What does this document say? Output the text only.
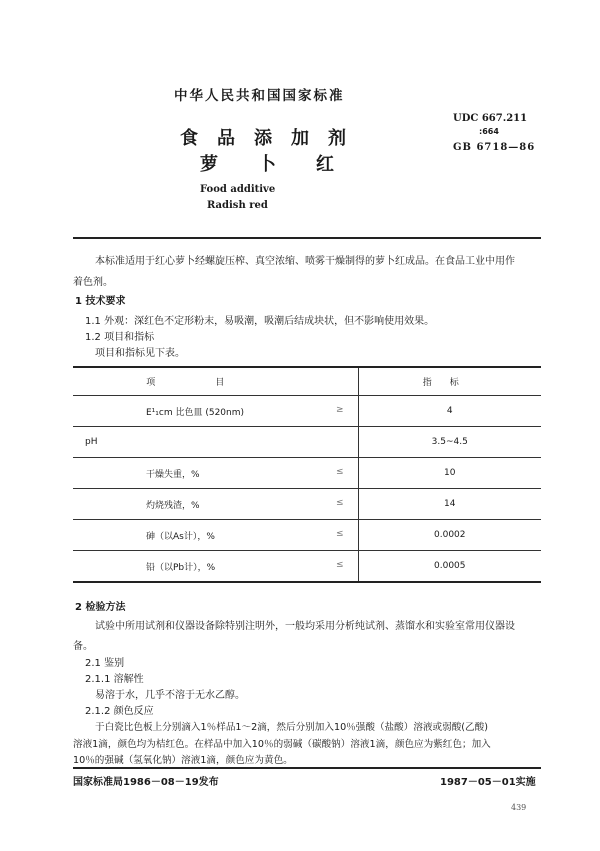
中华人民共和国国家标准
食品添加剂
萝卜红
Food additive
Radish red
UDC 667.211
:664
GB 6718—86
本标准适用于红心萝卜经螺旋压榨、真空浓缩、喷雾干燥制得的萝卜红成品。在食品工业中用作
着色剂。
1 技术要求
1.1 外观：深红色不定形粉末，易吸潮，吸潮后结成块状，但不影响使用效果。
1.2 项目和指标
项目和指标见下表。
项目	指标
E¹₁cm 比色皿 (520nm) ≥	4
pH	3.5~4.5
干燥失重，% ≤	10
灼烧残渣，% ≤	14
砷（以As计），% ≤	0.0002
铅（以Pb计），% ≤	0.0005
2 检验方法
试验中所用试剂和仪器设备除特别注明外，一般均采用分析纯试剂、蒸馏水和实验室常用仪器设
备。
2.1 鉴别
2.1.1 溶解性
易溶于水，几乎不溶于无水乙醇。
2.1.2 颜色反应
于白瓷比色板上分别滴入1％样品1～2滴，然后分别加入10％强酸（盐酸）溶液或弱酸(乙酸)
溶液1滴，颜色均为桔红色。在样品中加入10％的弱碱（碳酸钠）溶液1滴，颜色应为紫红色；加入
10％的强碱（氢氧化钠）溶液1滴，颜色应为黄色。
国家标准局1986－08－19发布	1987－05－01实施
439
